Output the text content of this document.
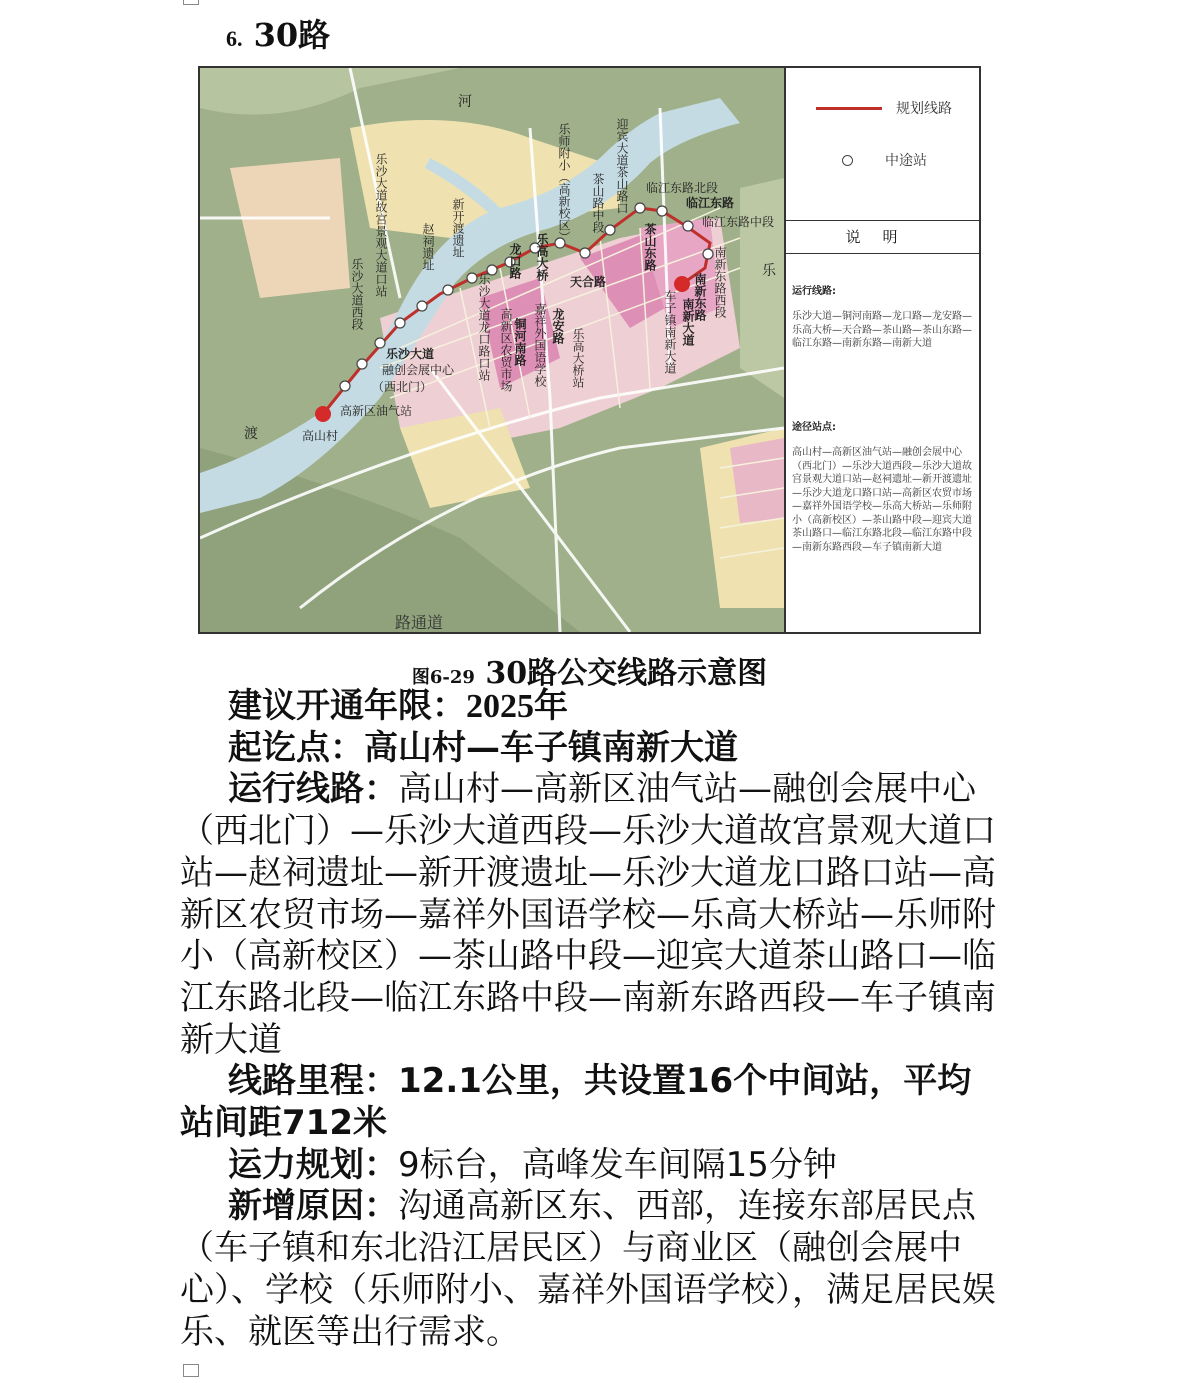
6. 30路
河
渡
乐
乐师附小（高新校区）	迎宾大道茶山路口
茶山路中段	临江东路北段
临江东路
临江东路中段
乐沙大道故宫景观大道口站	新开渡遗址
赵祠遗址
乐沙大道西段	乐沙大道龙口路口站 高新区农贸市场
龙口路
铜河南路
乐高大桥
嘉祥外国语学校 龙安路
乐高大桥站
天合路
茶山东路
南新东路
南新大道
车子镇南新大道
南新东路西段
乐沙大道
融创会展中心
（西北门）
高新区油气站
高山村
路通道
规划线路
中途站
说明
运行线路:
乐沙大道—铜河南路—龙口路—龙安路—乐高大桥—天合路—茶山路—茶山东路—临江东路—南新东路—南新大道
途径站点:
高山村—高新区油气站—融创会展中心（西北门）—乐沙大道西段—乐沙大道故宫景观大道口站—赵祠遗址—新开渡遗址—乐沙大道龙口路口站—高新区农贸市场—嘉祥外国语学校—乐高大桥站—乐师附小（高新校区）—茶山路中段—迎宾大道茶山路口—临江东路北段—临江东路中段—南新东路西段—车子镇南新大道
图6-29 30路公交线路示意图

建议开通年限：2025年

起讫点：高山村—车子镇南新大道

运行线路：高山村—高新区油气站—融创会展中心（西北门）—乐沙大道西段—乐沙大道故宫景观大道口站—赵祠遗址—新开渡遗址—乐沙大道龙口路口站—高新区农贸市场—嘉祥外国语学校—乐高大桥站—乐师附小（高新校区）—茶山路中段—迎宾大道茶山路口—临江东路北段—临江东路中段—南新东路西段—车子镇南新大道

线路里程：12.1公里，共设置16个中间站，平均站间距712米

运力规划：9标台，高峰发车间隔15分钟

新增原因：沟通高新区东、西部，连接东部居民点（车子镇和东北沿江居民区）与商业区（融创会展中心）、学校（乐师附小、嘉祥外国语学校），满足居民娱乐、就医等出行需求。
